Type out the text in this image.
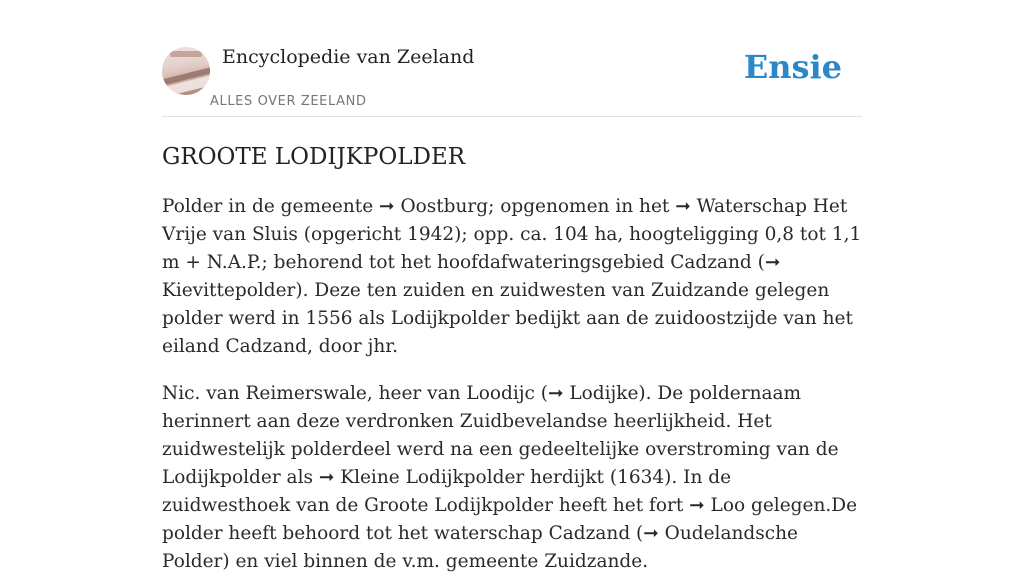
Encyclopedie van Zeeland
ALLES OVER ZEELAND
Ensie
GROOTE LODIJKPOLDER

Polder in de gemeente ➞ Oostburg; opgenomen in het ➞ Waterschap Het Vrije van Sluis (opgericht 1942); opp. ca. 104 ha, hoogteligging 0,8 tot 1,1 m + N.A.P.; behorend tot het hoofdafwateringsgebied Cadzand (➞ Kievittepolder). Deze ten zuiden en zuidwesten van Zuidzande gelegen polder werd in 1556 als Lodijkpolder bedijkt aan de zuidoostzijde van het eiland Cadzand, door jhr.

Nic. van Reimerswale, heer van Loodijc (➞ Lodijke). De poldernaam herinnert aan deze verdronken Zuidbevelandse heerlijkheid. Het zuidwestelijk polderdeel werd na een gedeeltelijke overstroming van de Lodijkpolder als ➞ Kleine Lodijkpolder herdijkt (1634). In de zuidwesthoek van de Groote Lodijkpolder heeft het fort ➞ Loo gelegen.De polder heeft behoord tot het waterschap Cadzand (➞ Oudelandsche Polder) en viel binnen de v.m. gemeente Zuidzande.
